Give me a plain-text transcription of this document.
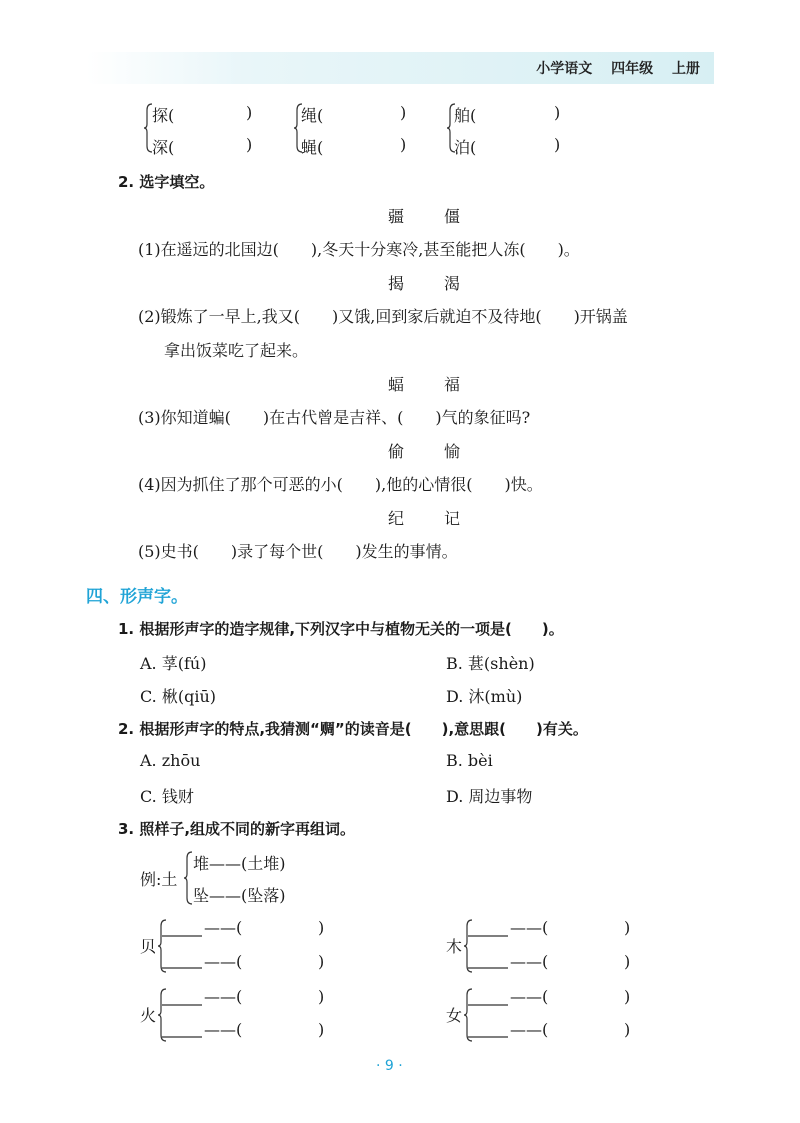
小学语文 四年级 上册
探(	)
深(	)
绳(	)
蝇(	)
舶(	)
泊(	)
2. 选字填空。
疆	僵
(1)在遥远的北国边(　　),冬天十分寒冷,甚至能把人冻(　　)。
揭	渴
(2)锻炼了一早上,我又(　　)又饿,回到家后就迫不及待地(　　)开锅盖
拿出饭菜吃了起来。
蝠	福
(3)你知道蝙(　　)在古代曾是吉祥、(　　)气的象征吗?
偷	愉
(4)因为抓住了那个可恶的小(　　),他的心情很(　　)快。
纪	记
(5)史书(　　)录了每个世(　　)发生的事情。
四、形声字。
1. 根据形声字的造字规律,下列汉字中与植物无关的一项是(　　)。
A. 莩(fú)	B. 葚(shèn)
C. 楸(qiū)	D. 沐(mù)
2. 根据形声字的特点,我猜测“赒”的读音是(　　),意思跟(　　)有关。
A. zhōu	B. bèi
C. 钱财	D. 周边事物
3. 照样子,组成不同的新字再组词。
例:土
堆——(土堆)
坠——(坠落)
贝
——(	)
——(	)
木
——(	)
——(	)
火
——(	)
——(	)
女
——(	)
——(	)
· 9 ·
